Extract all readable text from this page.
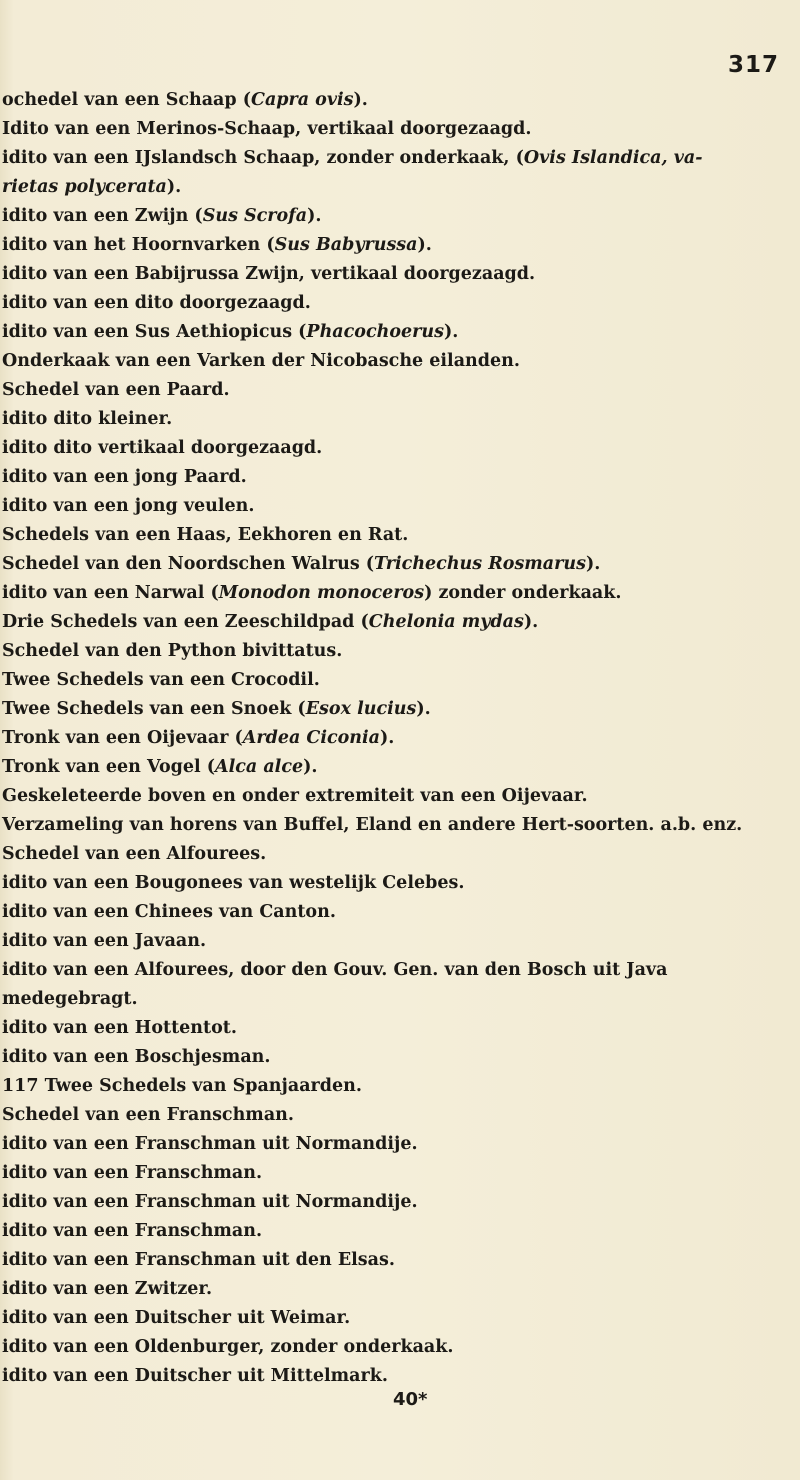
317
ochedel van een Schaap (Capra ovis).
Idito van een Merinos-Schaap, vertikaal doorgezaagd.
idito van een IJslandsch Schaap, zonder onderkaak, (Ovis Islandica, va-
rietas polycerata).
idito van een Zwijn (Sus Scrofa).
idito van het Hoornvarken (Sus Babyrussa).
idito van een Babijrussa Zwijn, vertikaal doorgezaagd.
idito van een dito doorgezaagd.
idito van een Sus Aethiopicus (Phacochoerus).
Onderkaak van een Varken der Nicobasche eilanden.
Schedel van een Paard.
idito dito kleiner.
idito dito vertikaal doorgezaagd.
idito van een jong Paard.
idito van een jong veulen.
Schedels van een Haas, Eekhoren en Rat.
Schedel van den Noordschen Walrus (Trichechus Rosmarus).
idito van een Narwal (Monodon monoceros) zonder onderkaak.
Drie Schedels van een Zeeschildpad (Chelonia mydas).
Schedel van den Python bivittatus.
Twee Schedels van een Crocodil.
Twee Schedels van een Snoek (Esox lucius).
Tronk van een Oijevaar (Ardea Ciconia).
Tronk van een Vogel (Alca alce).
Geskeleteerde boven en onder extremiteit van een Oijevaar.
Verzameling van horens van Buffel, Eland en andere Hert-soorten. a.b. enz.
Schedel van een Alfourees.
idito van een Bougonees van westelijk Celebes.
idito van een Chinees van Canton.
idito van een Javaan.
idito van een Alfourees, door den Gouv. Gen. van den Bosch uit Java
medegebragt.
idito van een Hottentot.
idito van een Boschjesman.
117 Twee Schedels van Spanjaarden.
Schedel van een Franschman.
idito van een Franschman uit Normandije.
idito van een Franschman.
idito van een Franschman uit Normandije.
idito van een Franschman.
idito van een Franschman uit den Elsas.
idito van een Zwitzer.
idito van een Duitscher uit Weimar.
idito van een Oldenburger, zonder onderkaak.
idito van een Duitscher uit Mittelmark.
40*
